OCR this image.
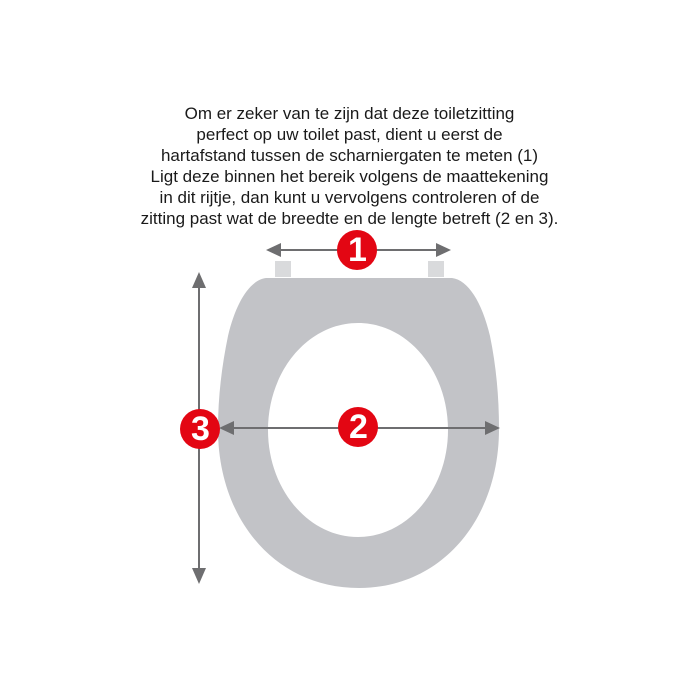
Om er zeker van te zijn dat deze toiletzitting
perfect op uw toilet past, dient u eerst de
hartafstand tussen de scharniergaten te meten (1)
Ligt deze binnen het bereik volgens de maattekening
in dit rijtje, dan kunt u vervolgens controleren of de
zitting past wat de breedte en de lengte betreft (2 en 3).
1
2
3
